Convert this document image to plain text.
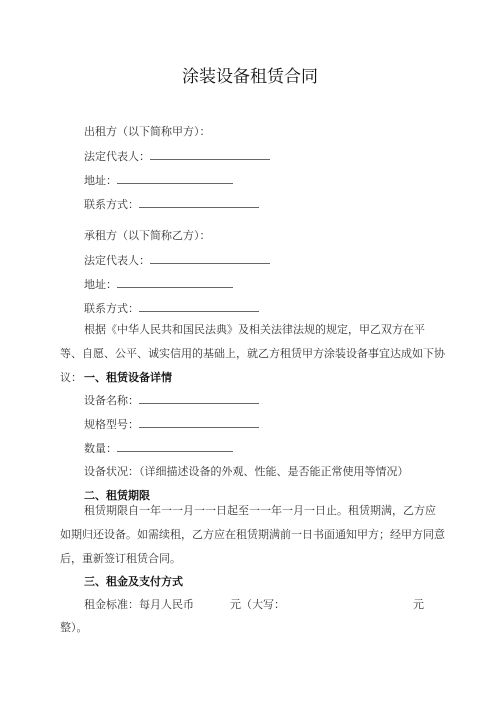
涂装设备租赁合同
出租方（以下简称甲方）：
法定代表人：
地址：
联系方式：
承租方（以下简称乙方）：
法定代表人：
地址：
联系方式：
根据《中华人民共和国民法典》及相关法律法规的规定，甲乙双方在平等、自愿、公平、诚实信用的基础上，就乙方租赁甲方涂装设备事宜达成如下协议： 一、租赁设备详情
设备名称：
规格型号：
数量：
设备状况：（详细描述设备的外观、性能、是否能正常使用等情况）
二、租赁期限
租赁期限自一年一一月一一日起至一一年一月一日止。租赁期满，乙方应如期归还设备。如需续租，乙方应在租赁期满前一日书面通知甲方；经甲方同意后，重新签订租赁合同。
三、租金及支付方式
租金标准：每月人民币	元（大写：	元
整）。
